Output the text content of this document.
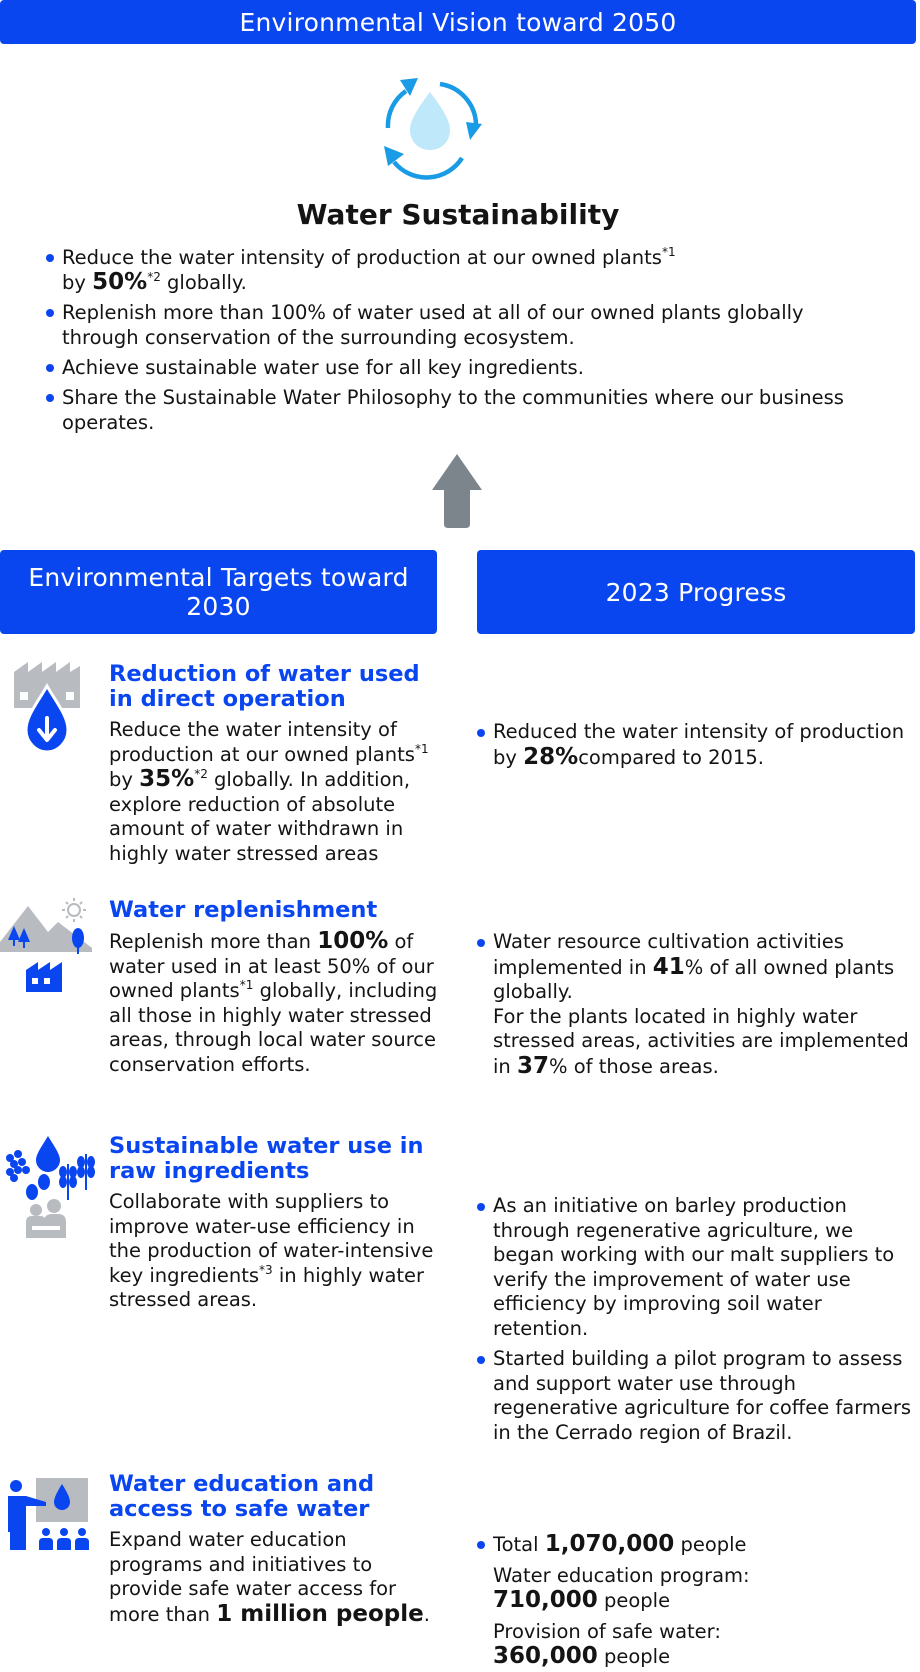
Environmental Vision toward 2050
Water Sustainability
Reduce the water intensity of production at our owned plants$^{*1}$
by 50%$^{*2}$ globally.
Replenish more than 100% of water used at all of our owned plants globally through conservation of the surrounding ecosystem.
Achieve sustainable water use for all key ingredients.
Share the Sustainable Water Philosophy to the communities where our business operates.
Environmental Targets toward 2030	2023 Progress
Reduction of water used in direct operation
Reduce the water intensity of production at our owned plants$^{*1}$ by 35%$^{*2}$ globally. In addition, explore reduction of absolute amount of water withdrawn in highly water stressed areas
Reduced the water intensity of production by 28%compared to 2015.
Water replenishment
Replenish more than 100% of water used in at least 50% of our owned plants$^{*1}$ globally, including all those in highly water stressed areas, through local water source conservation efforts.
Water resource cultivation activities implemented in 41% of all owned plants globally.
For the plants located in highly water stressed areas, activities are implemented in 37% of those areas.
Sustainable water use in raw ingredients
Collaborate with suppliers to improve water-use efficiency in the production of water-intensive key ingredients$^{*3}$ in highly water stressed areas.
As an initiative on barley production through regenerative agriculture, we began working with our malt suppliers to verify the improvement of water use efficiency by improving soil water retention.
Started building a pilot program to assess and support water use through regenerative agriculture for coffee farmers in the Cerrado region of Brazil.
Water education and access to safe water
Expand water education programs and initiatives to provide safe water access for more than 1 million people.
Total 1,070,000 people
Water education program:
710,000 people
Provision of safe water:
360,000 people
